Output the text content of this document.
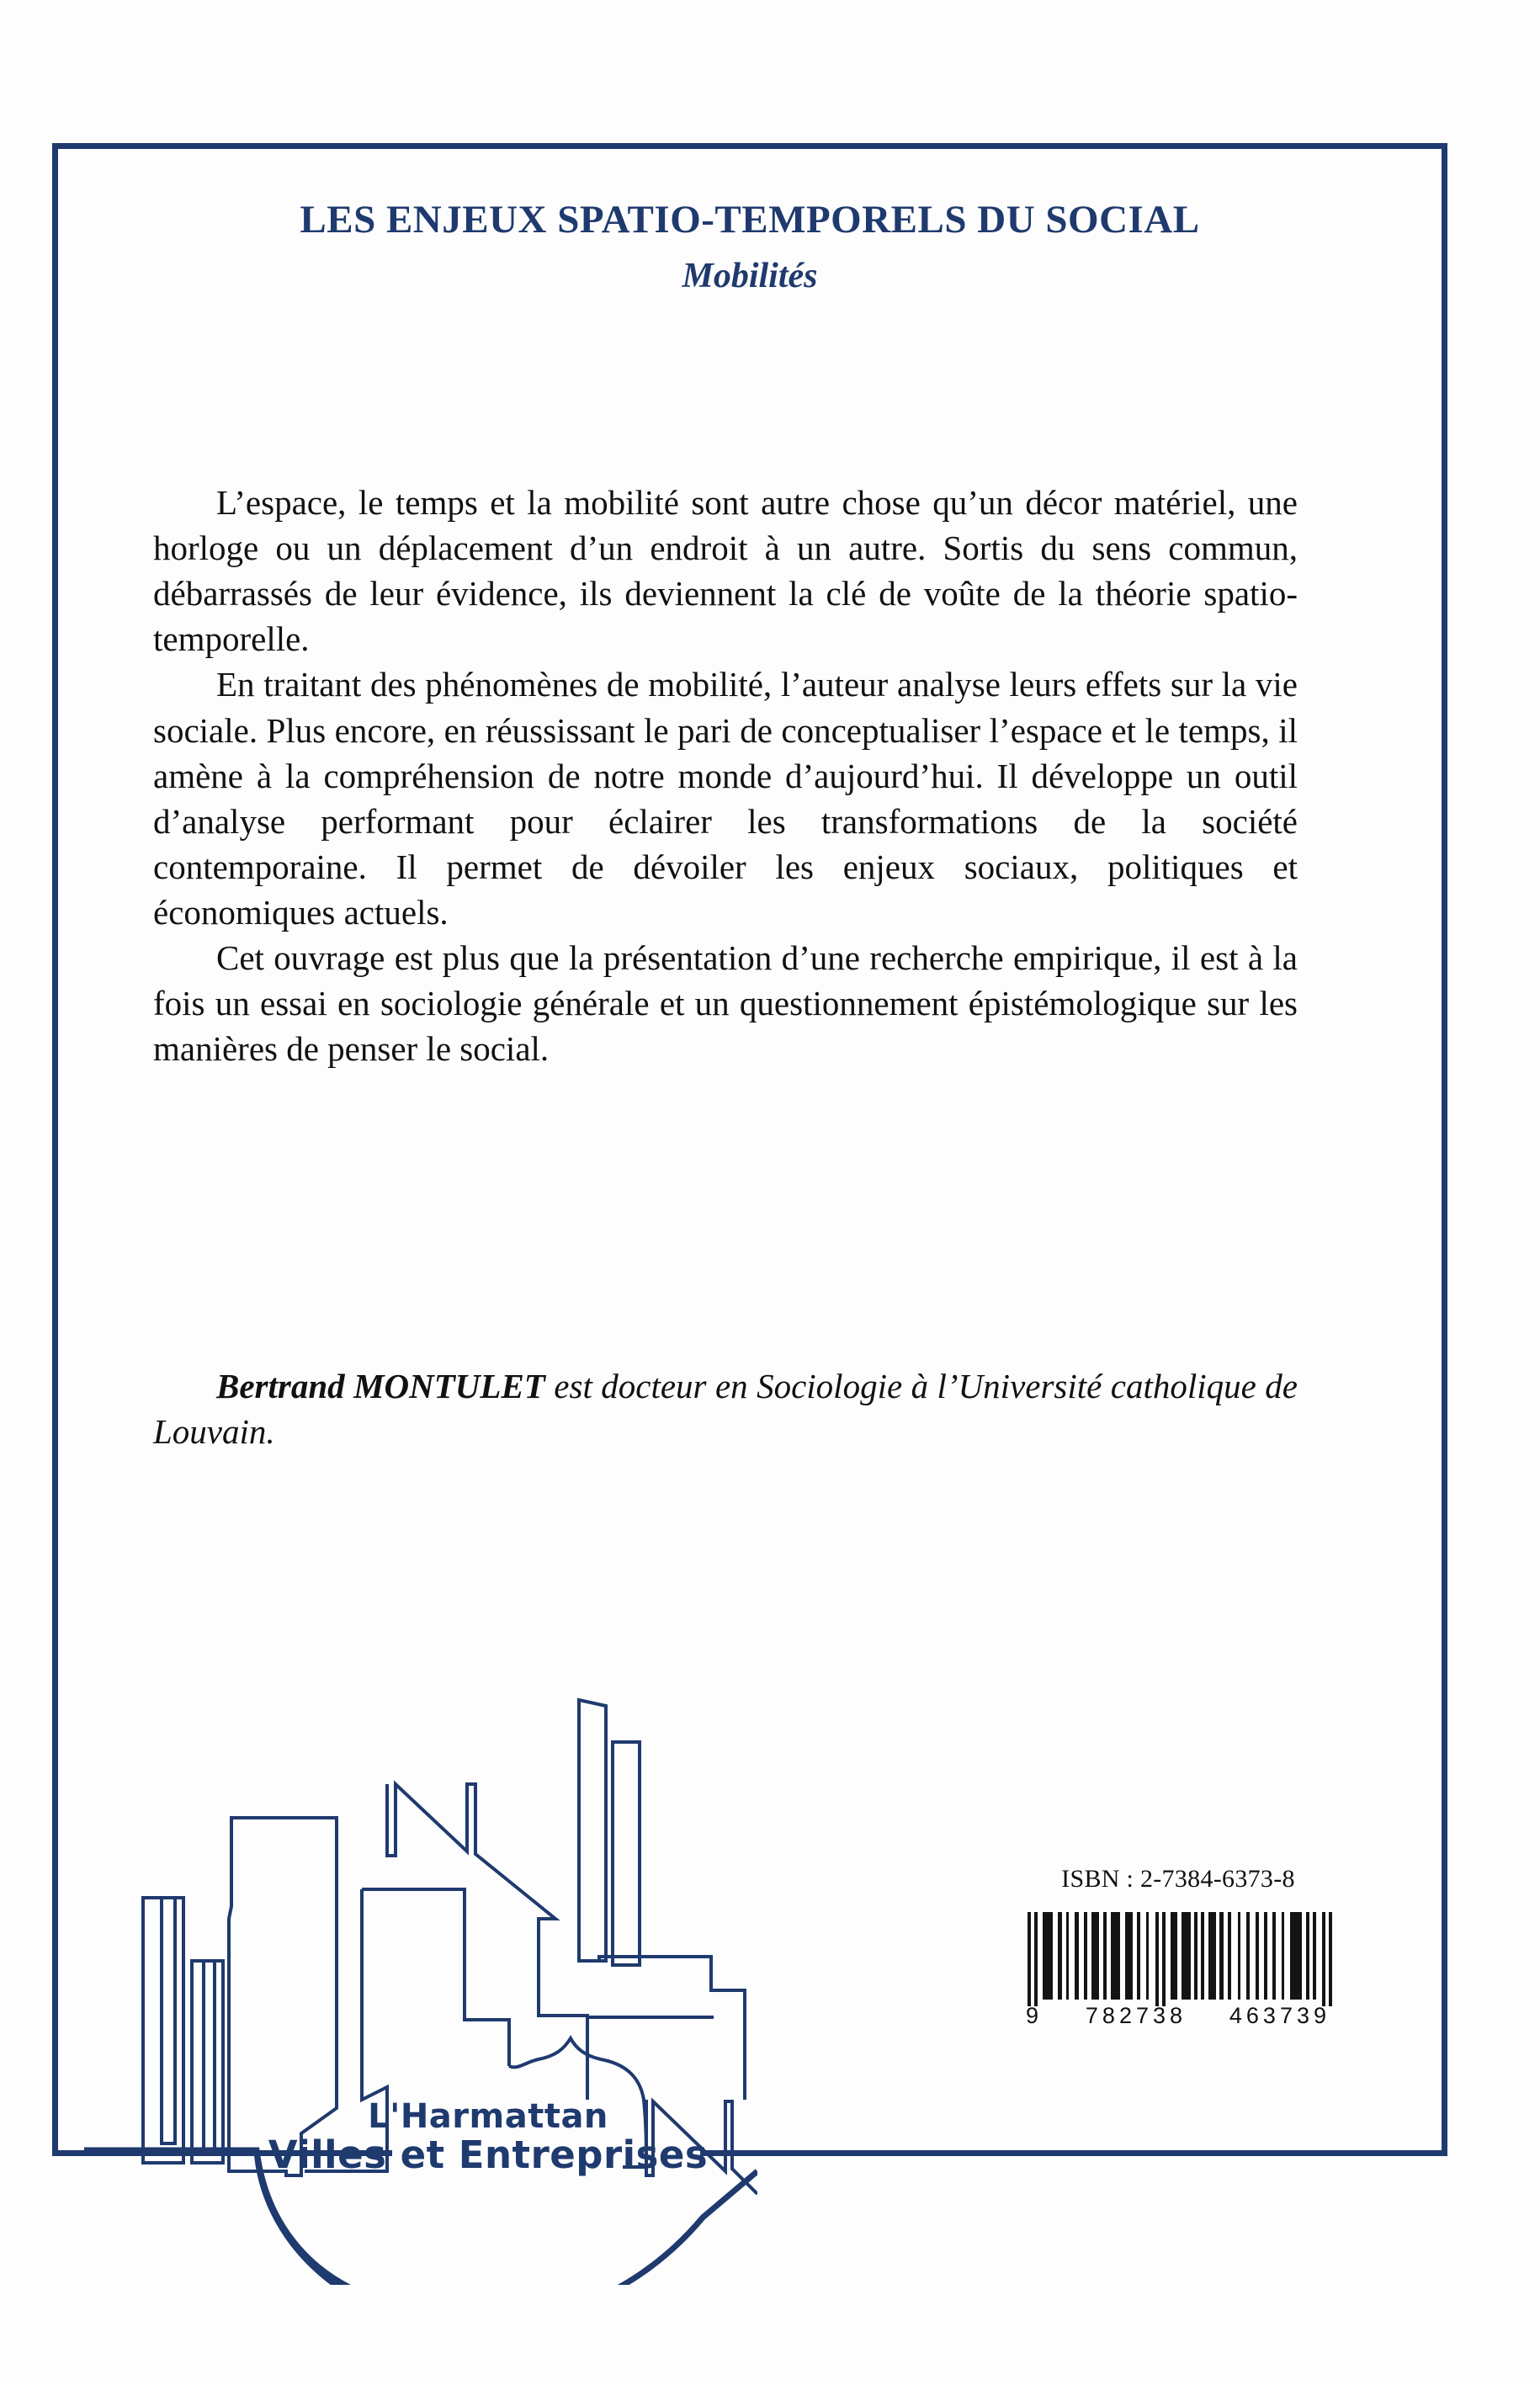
LES ENJEUX SPATIO-TEMPORELS DU SOCIAL
Mobilités

L’espace, le temps et la mobilité sont autre chose qu’un décor matériel, une horloge ou un déplacement d’un endroit à un autre. Sortis du sens commun, débarrassés de leur évidence, ils deviennent la clé de voûte de la théorie spatio-temporelle.

En traitant des phénomènes de mobilité, l’auteur analyse leurs effets sur la vie sociale. Plus encore, en réussissant le pari de conceptualiser l’espace et le temps, il amène à la compréhension de notre monde d’aujourd’hui. Il développe un outil d’analyse performant pour éclairer les transformations de la société contemporaine. Il permet de dévoiler les enjeux sociaux, politiques et économiques actuels.

Cet ouvrage est plus que la présentation d’une recherche empirique, il est à la fois un essai en sociologie générale et un questionnement épistémologique sur les manières de penser le social.

Bertrand MONTULET est docteur en Sociologie à l’Université catholique de Louvain.
ISBN : 2-7384-6373-8
9 782738 463739
L'Harmattan
Villes et Entreprises
